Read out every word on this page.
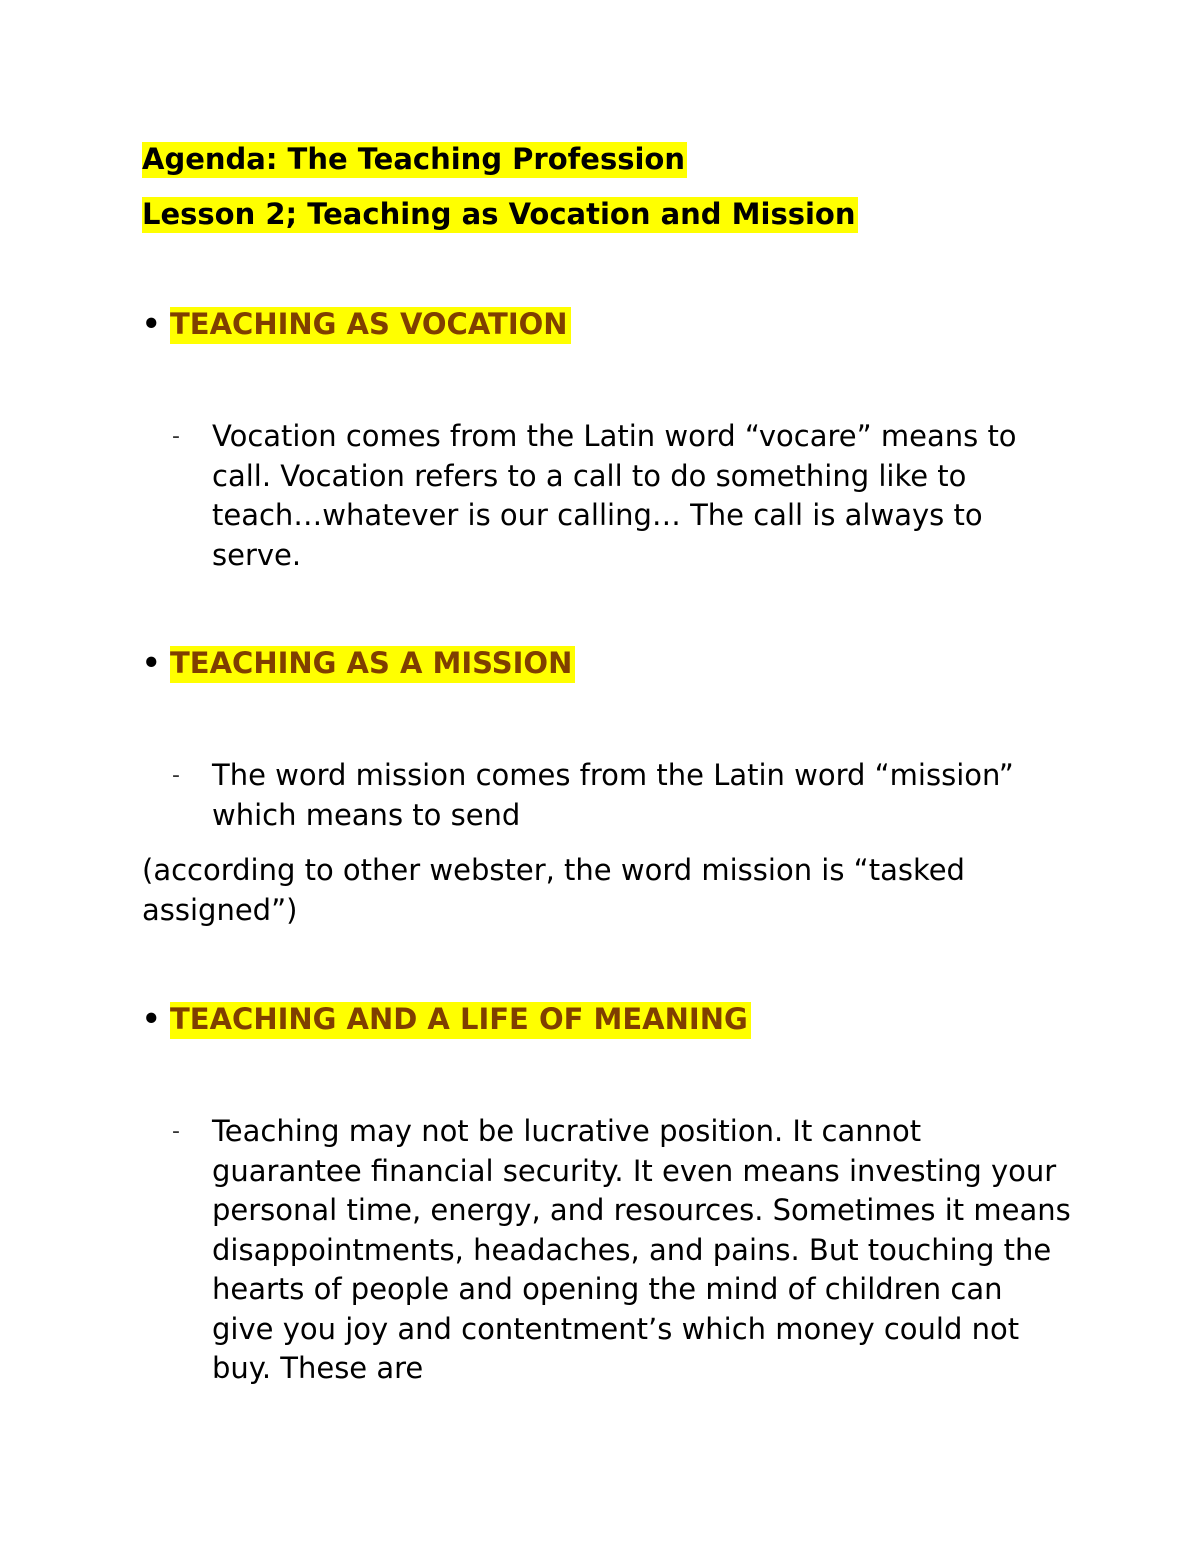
Agenda: The Teaching Profession
Lesson 2; Teaching as Vocation and Mission
• TEACHING AS VOCATION
- Vocation comes from the Latin word “vocare” means to call. Vocation refers to a call to do something like to teach…whatever is our calling… The call is always to serve.
• TEACHING AS A MISSION
- The word mission comes from the Latin word “mission” which means to send
(according to other webster, the word mission is “tasked assigned”)
• TEACHING AND A LIFE OF MEANING
- Teaching may not be lucrative position. It cannot guarantee financial security. It even means investing your personal time, energy, and resources. Sometimes it means disappointments, headaches, and pains. But touching the hearts of people and opening the mind of children can give you joy and contentment’s which money could not buy. These are
